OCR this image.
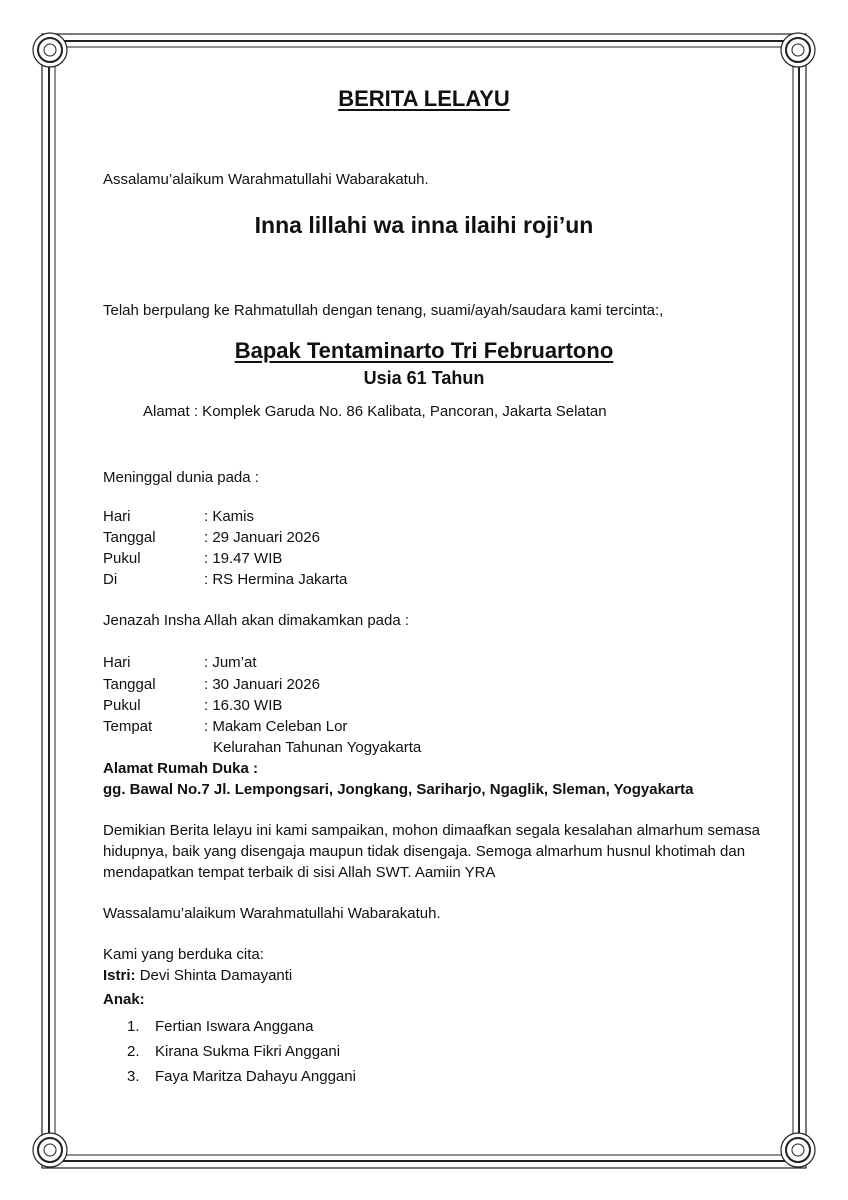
BERITA LELAYU
Assalamu’alaikum Warahmatullahi Wabarakatuh.
Inna lillahi wa inna ilaihi roji’un
Telah berpulang ke Rahmatullah dengan tenang, suami/ayah/saudara kami tercinta:,
Bapak Tentaminarto Tri Februartono
Usia 61 Tahun
Alamat : Komplek Garuda No. 86 Kalibata, Pancoran, Jakarta Selatan
Meninggal dunia pada :
Hari	: Kamis
Tanggal	: 29 Januari 2026
Pukul	: 19.47 WIB
Di	: RS Hermina Jakarta
Jenazah Insha Allah akan dimakamkan pada :
Hari	: Jum’at
Tanggal	: 30 Januari 2026
Pukul	: 16.30 WIB
Tempat	: Makam Celeban Lor
Kelurahan Tahunan Yogyakarta
Alamat Rumah Duka :
gg. Bawal No.7 Jl. Lempongsari, Jongkang, Sariharjo, Ngaglik, Sleman, Yogyakarta
Demikian Berita lelayu ini kami sampaikan, mohon dimaafkan segala kesalahan almarhum semasa hidupnya, baik yang disengaja maupun tidak disengaja. Semoga almarhum husnul khotimah dan mendapatkan tempat terbaik di sisi Allah SWT. Aamiin YRA
Wassalamu’alaikum Warahmatullahi Wabarakatuh.
Kami yang berduka cita:
Istri: Devi Shinta Damayanti
Anak:
1. Fertian Iswara Anggana
2. Kirana Sukma Fikri Anggani
3. Faya Maritza Dahayu Anggani
